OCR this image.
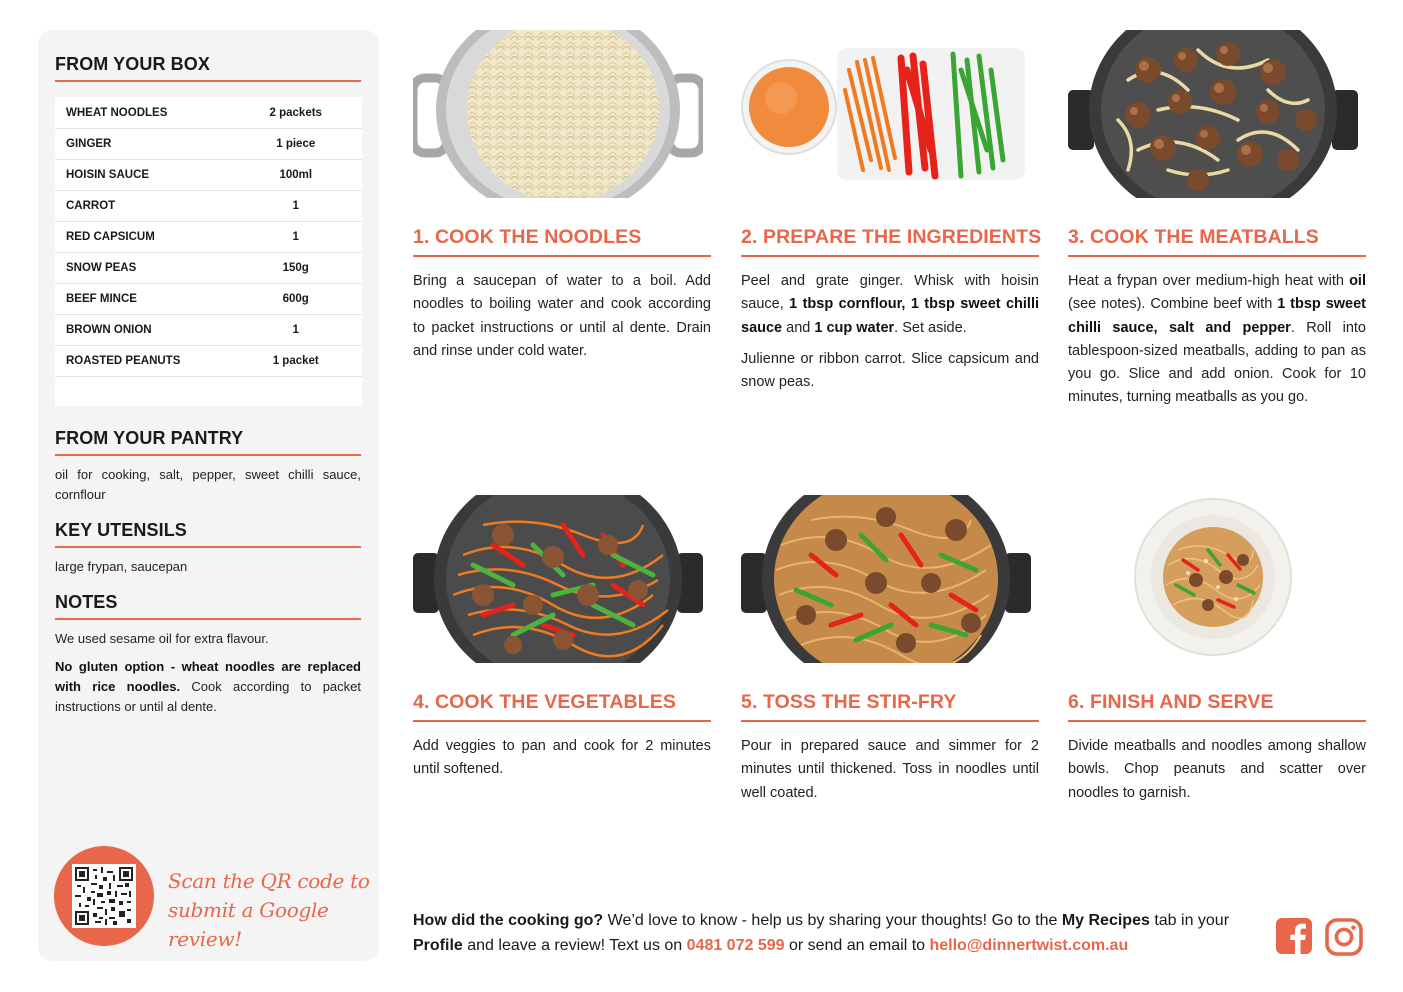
FROM YOUR BOX
WHEAT NOODLES	2 packets
GINGER	1 piece
HOISIN SAUCE	100ml
CARROT	1
RED CAPSICUM	1
SNOW PEAS	150g
BEEF MINCE	600g
BROWN ONION	1
ROASTED PEANUTS	1 packet
FROM YOUR PANTRY

oil for cooking, salt, pepper, sweet chilli sauce, cornflour

KEY UTENSILS

large frypan, saucepan

NOTES

We used sesame oil for extra flavour.

No gluten option - wheat noodles are replaced with rice noodles. Cook according to packet instructions or until al dente.

Scan the QR code to
submit a Google review!
1. COOK THE NOODLES

Bring a saucepan of water to a boil. Add noodles to boiling water and cook according to packet instructions or until al dente. Drain and rinse under cold water.

2. PREPARE THE INGREDIENTS

Peel and grate ginger. Whisk with hoisin sauce, 1 tbsp cornflour, 1 tbsp sweet chilli sauce and 1 cup water. Set aside.

Julienne or ribbon carrot. Slice capsicum and snow peas.

3. COOK THE MEATBALLS

Heat a frypan over medium-high heat with oil (see notes). Combine beef with 1 tbsp sweet chilli sauce, salt and pepper. Roll into tablespoon-sized meatballs, adding to pan as you go. Slice and add onion. Cook for 10 minutes, turning meatballs as you go.

4. COOK THE VEGETABLES

Add veggies to pan and cook for 2 minutes until softened.

5. TOSS THE STIR-FRY

Pour in prepared sauce and simmer for 2 minutes until thickened. Toss in noodles until well coated.

6. FINISH AND SERVE

Divide meatballs and noodles among shallow bowls. Chop peanuts and scatter over noodles to garnish.

How did the cooking go? We’d love to know - help us by sharing your thoughts! Go to the My Recipes tab in your Profile and leave a review! Text us on 0481 072 599 or send an email to hello@dinnertwist.com.au
